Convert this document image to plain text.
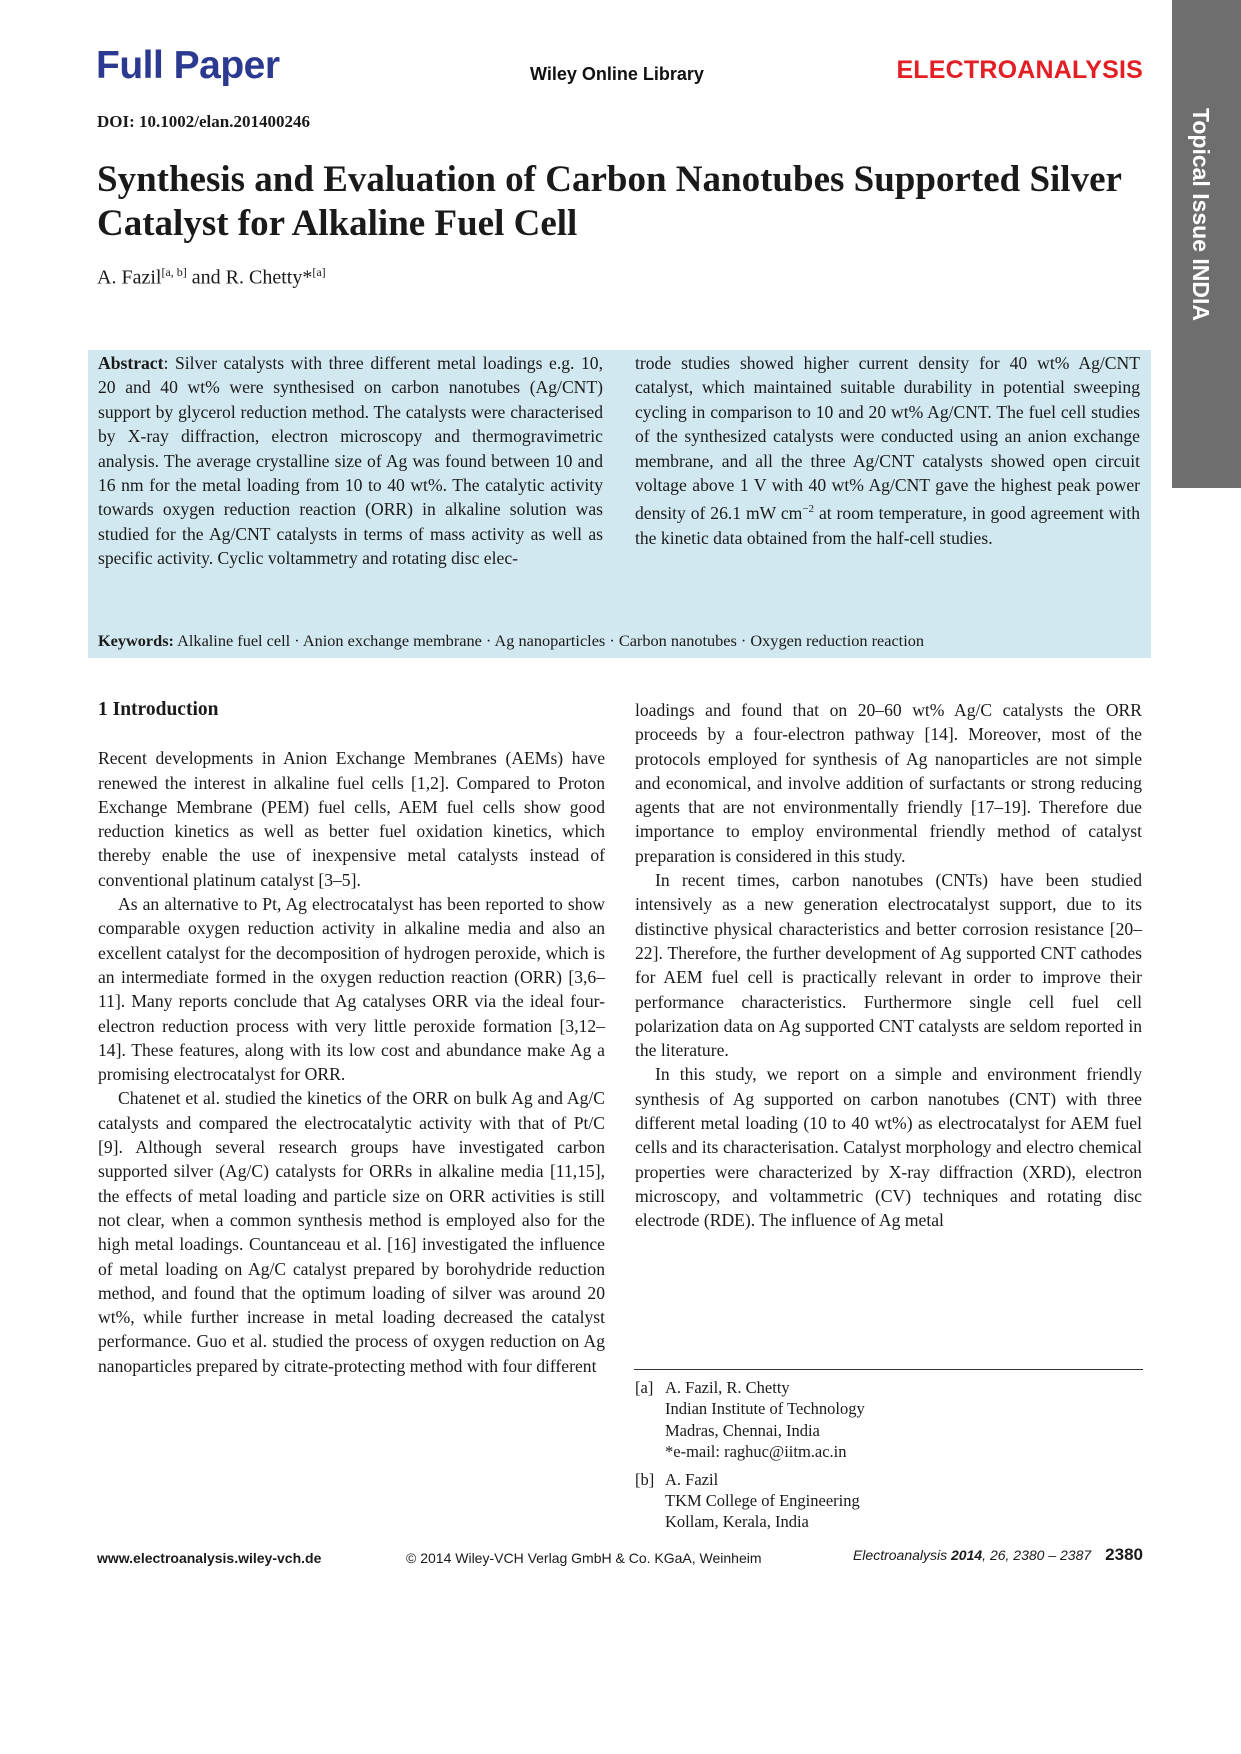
Full Paper	Wiley Online Library	ELECTROANALYSIS
Topical Issue INDIA
DOI: 10.1002/elan.201400246
Synthesis and Evaluation of Carbon Nanotubes Supported Silver Catalyst for Alkaline Fuel Cell
A. Fazil[a, b] and R. Chetty*[a]
Abstract: Silver catalysts with three different metal loadings e.g. 10, 20 and 40 wt% were synthesised on carbon nanotubes (Ag/CNT) support by glycerol reduction method. The catalysts were characterised by X-ray diffraction, electron microscopy and thermogravimetric analysis. The average crystalline size of Ag was found between 10 and 16 nm for the metal loading from 10 to 40 wt%. The catalytic activity towards oxygen reduction reaction (ORR) in alkaline solution was studied for the Ag/CNT catalysts in terms of mass activity as well as specific activity. Cyclic voltammetry and rotating disc elec-
trode studies showed higher current density for 40 wt% Ag/CNT catalyst, which maintained suitable durability in potential sweeping cycling in comparison to 10 and 20 wt% Ag/CNT. The fuel cell studies of the synthesized catalysts were conducted using an anion exchange membrane, and all the three Ag/CNT catalysts showed open circuit voltage above 1 V with 40 wt% Ag/CNT gave the highest peak power density of 26.1 mW $cm^{-2}$ at room temperature, in good agreement with the kinetic data obtained from the half-cell studies.
Keywords: Alkaline fuel cell · Anion exchange membrane · Ag nanoparticles · Carbon nanotubes · Oxygen reduction reaction
1 Introduction

Recent developments in Anion Exchange Membranes (AEMs) have renewed the interest in alkaline fuel cells [1,2]. Compared to Proton Exchange Membrane (PEM) fuel cells, AEM fuel cells show good reduction kinetics as well as better fuel oxidation kinetics, which thereby enable the use of inexpensive metal catalysts instead of conventional platinum catalyst [3–5].

As an alternative to Pt, Ag electrocatalyst has been reported to show comparable oxygen reduction activity in alkaline media and also an excellent catalyst for the decomposition of hydrogen peroxide, which is an intermediate formed in the oxygen reduction reaction (ORR) [3,6–11]. Many reports conclude that Ag catalyses ORR via the ideal four-electron reduction process with very little peroxide formation [3,12–14]. These features, along with its low cost and abundance make Ag a promising electrocatalyst for ORR.

Chatenet et al. studied the kinetics of the ORR on bulk Ag and Ag/C catalysts and compared the electrocatalytic activity with that of Pt/C [9]. Although several research groups have investigated carbon supported silver (Ag/C) catalysts for ORRs in alkaline media [11,15], the effects of metal loading and particle size on ORR activities is still not clear, when a common synthesis method is employed also for the high metal loadings. Countanceau et al. [16] investigated the influence of metal loading on Ag/C catalyst prepared by borohydride reduction method, and found that the optimum loading of silver was around 20 wt%, while further increase in metal loading decreased the catalyst performance. Guo et al. studied the process of oxygen reduction on Ag nanoparticles prepared by citrate-protecting method with four different

loadings and found that on 20–60 wt% Ag/C catalysts the ORR proceeds by a four-electron pathway [14]. Moreover, most of the protocols employed for synthesis of Ag nanoparticles are not simple and economical, and involve addition of surfactants or strong reducing agents that are not environmentally friendly [17–19]. Therefore due importance to employ environmental friendly method of catalyst preparation is considered in this study.

In recent times, carbon nanotubes (CNTs) have been studied intensively as a new generation electrocatalyst support, due to its distinctive physical characteristics and better corrosion resistance [20–22]. Therefore, the further development of Ag supported CNT cathodes for AEM fuel cell is practically relevant in order to improve their performance characteristics. Furthermore single cell fuel cell polarization data on Ag supported CNT catalysts are seldom reported in the literature.

In this study, we report on a simple and environment friendly synthesis of Ag supported on carbon nanotubes (CNT) with three different metal loading (10 to 40 wt%) as electrocatalyst for AEM fuel cells and its characterisation. Catalyst morphology and electro chemical properties were characterized by X-ray diffraction (XRD), electron microscopy, and voltammetric (CV) techniques and rotating disc electrode (RDE). The influence of Ag metal

[a] A. Fazil, R. Chetty
Indian Institute of Technology
Madras, Chennai, India
*e-mail: raghuc@iitm.ac.in
[b] A. Fazil
TKM College of Engineering
Kollam, Kerala, India
www.electroanalysis.wiley-vch.de	© 2014 Wiley-VCH Verlag GmbH & Co. KGaA, Weinheim	Electroanalysis 2014, 26, 2380 – 2387 2380
